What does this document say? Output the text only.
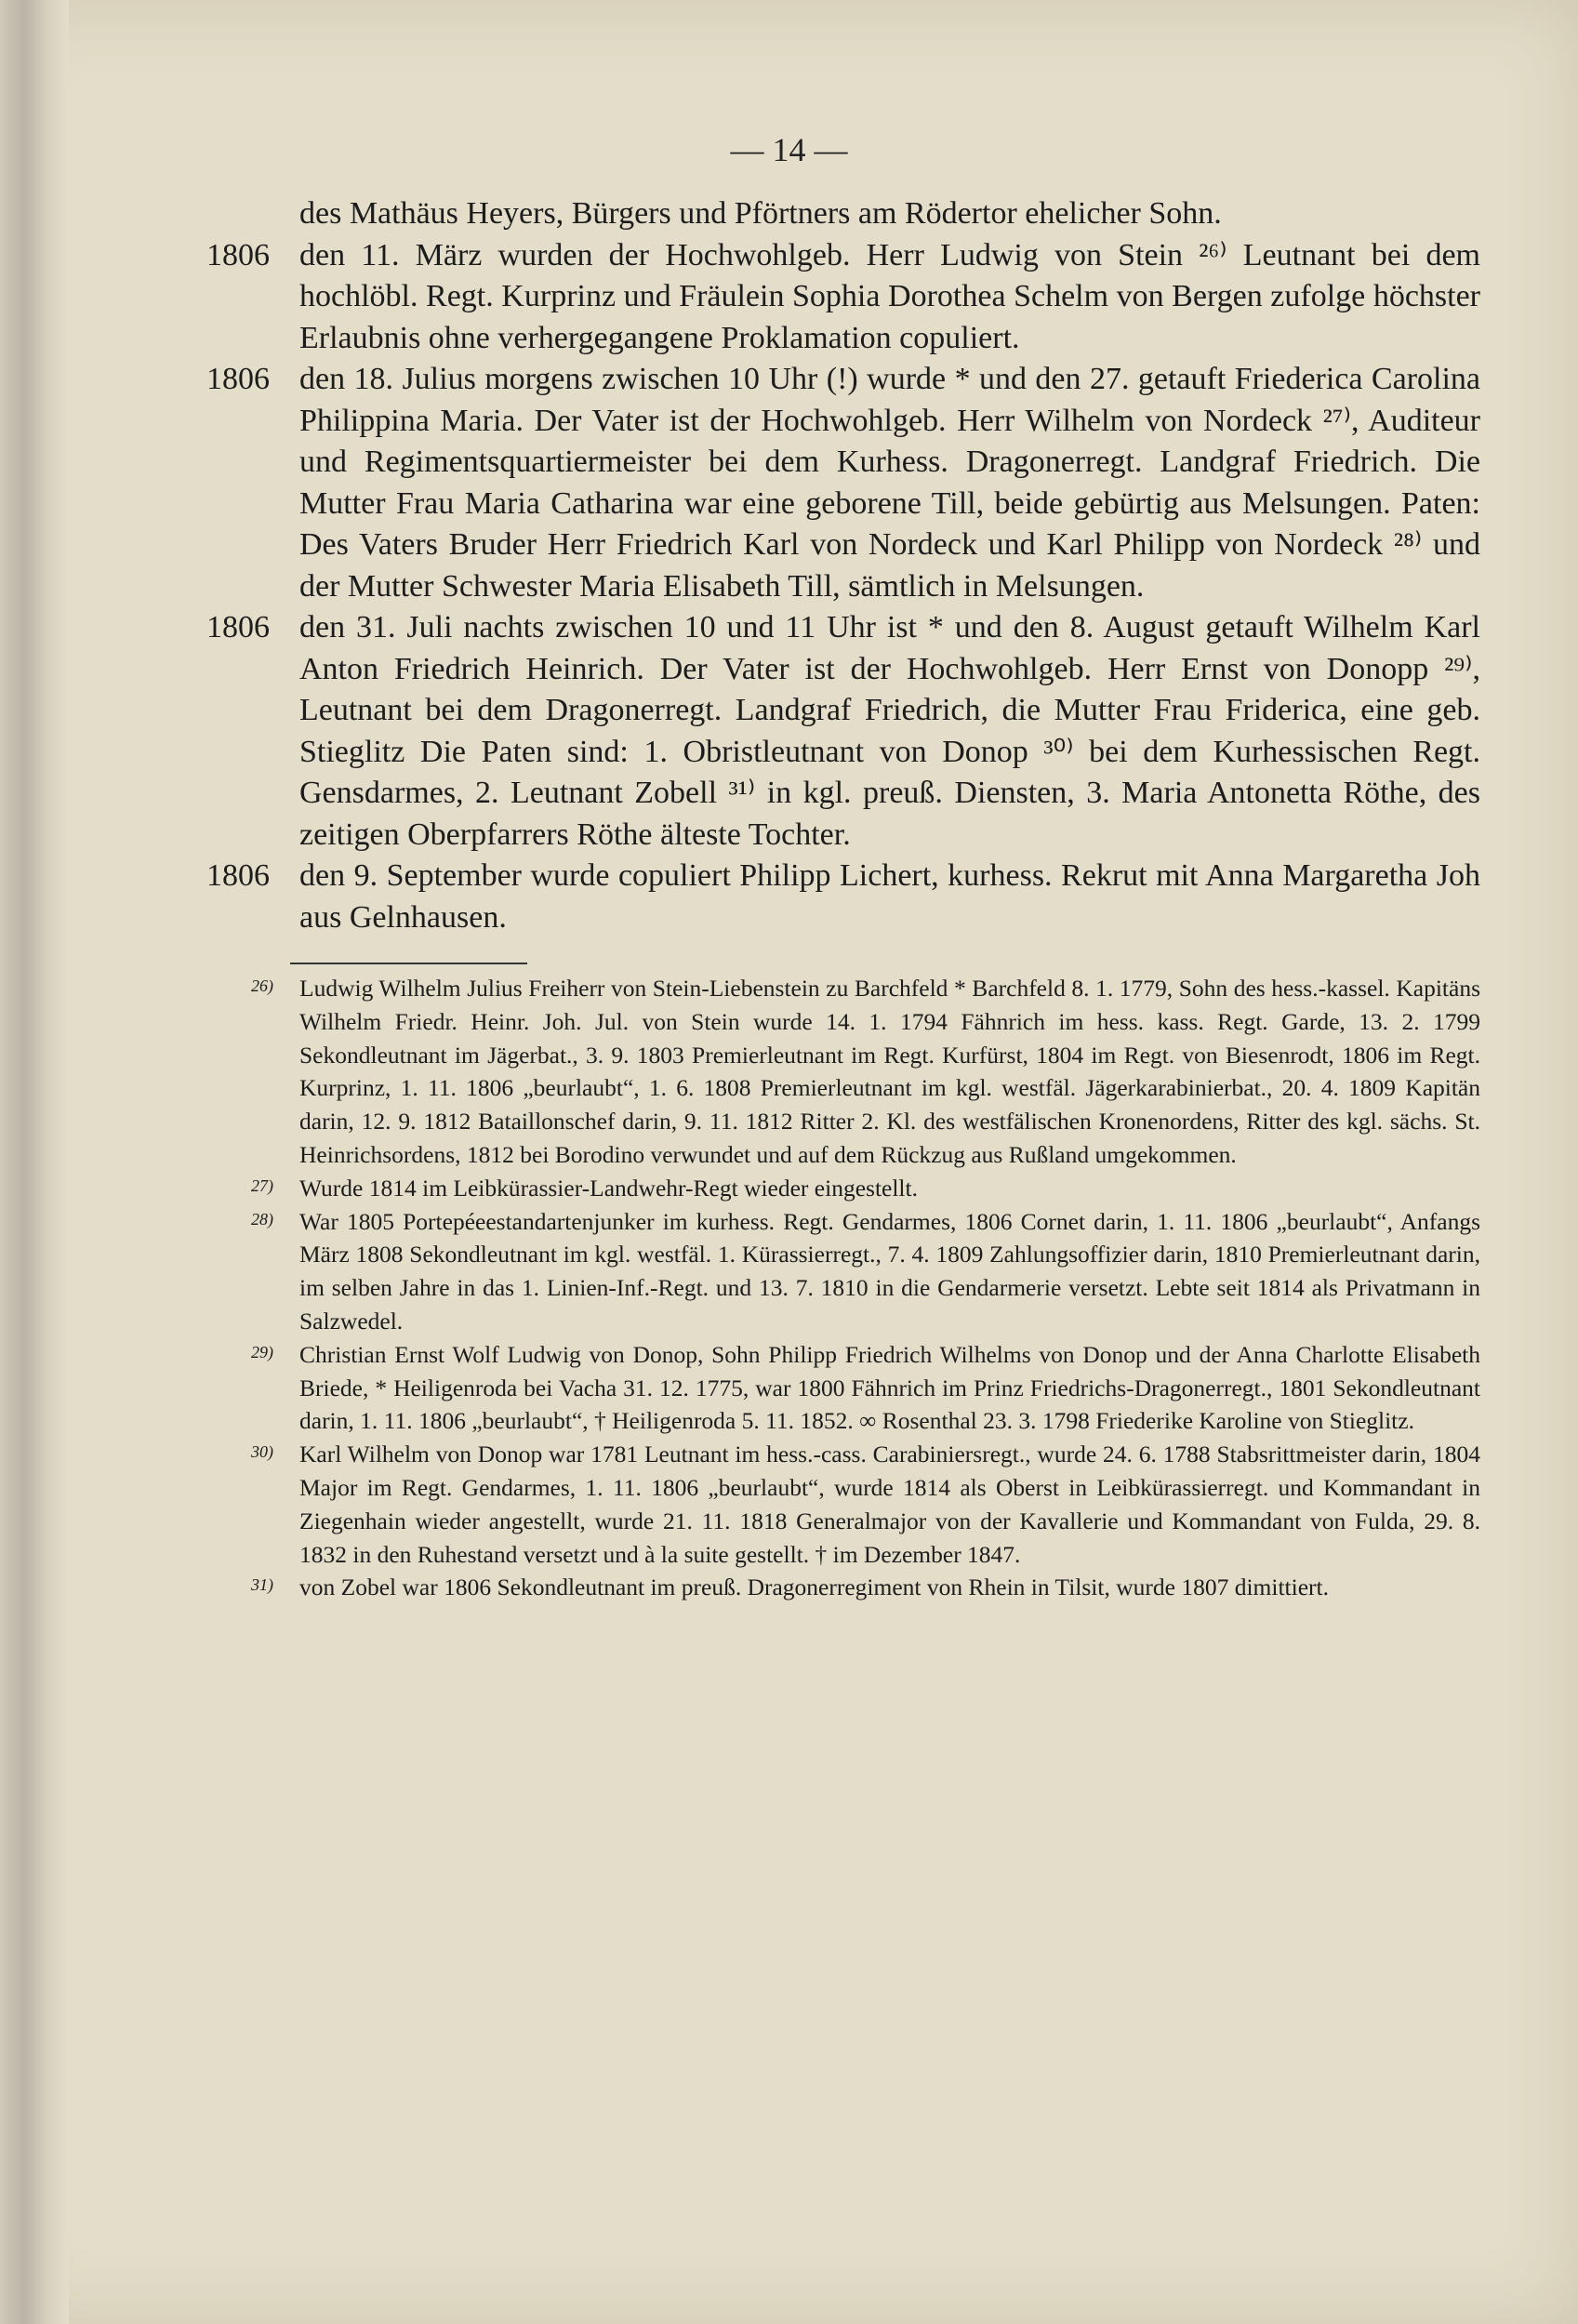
— 14 —
des Mathäus Heyers, Bürgers und Pförtners am Rödertor ehelicher Sohn.
1806 den 11. März wurden der Hochwohlgeb. Herr Ludwig von Stein ²⁶⁾ Leutnant bei dem hochlöbl. Regt. Kurprinz und Fräulein Sophia Dorothea Schelm von Bergen zufolge höchster Erlaubnis ohne verhergegangene Proklamation copuliert.
1806 den 18. Julius morgens zwischen 10 Uhr (!) wurde * und den 27. getauft Friederica Carolina Philippina Maria. Der Vater ist der Hochwohlgeb. Herr Wilhelm von Nordeck ²⁷⁾, Auditeur und Regimentsquartiermeister bei dem Kurhess. Dragonerregt. Landgraf Friedrich. Die Mutter Frau Maria Catharina war eine geborene Till, beide gebürtig aus Melsungen. Paten: Des Vaters Bruder Herr Friedrich Karl von Nordeck und Karl Philipp von Nordeck ²⁸⁾ und der Mutter Schwester Maria Elisabeth Till, sämtlich in Melsungen.
1806 den 31. Juli nachts zwischen 10 und 11 Uhr ist * und den 8. August getauft Wilhelm Karl Anton Friedrich Heinrich. Der Vater ist der Hochwohlgeb. Herr Ernst von Donopp ²⁹⁾, Leutnant bei dem Dragonerregt. Landgraf Friedrich, die Mutter Frau Friderica, eine geb. Stieglitz Die Paten sind: 1. Obristleutnant von Donop ³⁰⁾ bei dem Kurhessischen Regt. Gensdarmes, 2. Leutnant Zobell ³¹⁾ in kgl. preuß. Diensten, 3. Maria Antonetta Röthe, des zeitigen Oberpfarrers Röthe älteste Tochter.
1806 den 9. September wurde copuliert Philipp Lichert, kurhess. Rekrut mit Anna Margaretha Joh aus Gelnhausen.
26) Ludwig Wilhelm Julius Freiherr von Stein-Liebenstein zu Barchfeld * Barchfeld 8. 1. 1779, Sohn des hess.-kassel. Kapitäns Wilhelm Friedr. Heinr. Joh. Jul. von Stein wurde 14. 1. 1794 Fähnrich im hess. kass. Regt. Garde, 13. 2. 1799 Sekondleutnant im Jägerbat., 3. 9. 1803 Premierleutnant im Regt. Kurfürst, 1804 im Regt. von Biesenrodt, 1806 im Regt. Kurprinz, 1. 11. 1806 „beurlaubt“, 1. 6. 1808 Premierleutnant im kgl. westfäl. Jägerkarabinierbat., 20. 4. 1809 Kapitän darin, 12. 9. 1812 Bataillonschef darin, 9. 11. 1812 Ritter 2. Kl. des westfälischen Kronenordens, Ritter des kgl. sächs. St. Heinrichsordens, 1812 bei Borodino verwundet und auf dem Rückzug aus Rußland umgekommen.
27) Wurde 1814 im Leibkürassier-Landwehr-Regt wieder eingestellt.
28) War 1805 Portepéeestandartenjunker im kurhess. Regt. Gendarmes, 1806 Cornet darin, 1. 11. 1806 „beurlaubt“, Anfangs März 1808 Sekondleutnant im kgl. westfäl. 1. Kürassierregt., 7. 4. 1809 Zahlungsoffizier darin, 1810 Premierleutnant darin, im selben Jahre in das 1. Linien-Inf.-Regt. und 13. 7. 1810 in die Gendarmerie versetzt. Lebte seit 1814 als Privatmann in Salzwedel.
29) Christian Ernst Wolf Ludwig von Donop, Sohn Philipp Friedrich Wilhelms von Donop und der Anna Charlotte Elisabeth Briede, * Heiligenroda bei Vacha 31. 12. 1775, war 1800 Fähnrich im Prinz Friedrichs-Dragonerregt., 1801 Sekondleutnant darin, 1. 11. 1806 „beurlaubt“, † Heiligenroda 5. 11. 1852. ∞ Rosenthal 23. 3. 1798 Friederike Karoline von Stieglitz.
30) Karl Wilhelm von Donop war 1781 Leutnant im hess.-cass. Carabiniersregt., wurde 24. 6. 1788 Stabsrittmeister darin, 1804 Major im Regt. Gendarmes, 1. 11. 1806 „beurlaubt“, wurde 1814 als Oberst in Leibkürassierregt. und Kommandant in Ziegenhain wieder angestellt, wurde 21. 11. 1818 Generalmajor von der Kavallerie und Kommandant von Fulda, 29. 8. 1832 in den Ruhestand versetzt und à la suite gestellt. † im Dezember 1847.
31) von Zobel war 1806 Sekondleutnant im preuß. Dragonerregiment von Rhein in Tilsit, wurde 1807 dimittiert.
